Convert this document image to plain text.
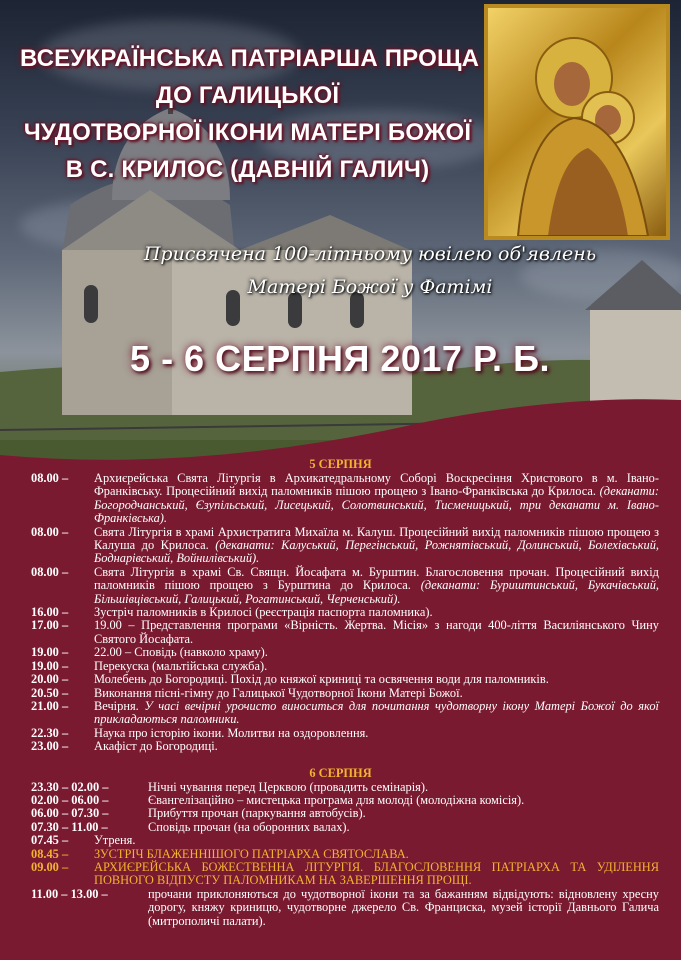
ВСЕУКРАЇНСЬКА ПАТРІАРША ПРОЩА
ДО ГАЛИЦЬКОЇ
ЧУДОТВОРНОЇ ІКОНИ МАТЕРІ БОЖОЇ
В С. КРИЛОС (ДАВНІЙ ГАЛИЧ)
Присвячена 100-літньому ювілею об'явлень
Матері Божої у Фатімі
5 - 6 СЕРПНЯ 2017 Р. Б.
5 СЕРПНЯ
08.00 – Архиєрейська Свята Літургія в Архикатедральному Соборі Воскресіння Христового в м. Івано-Франківську. Процесійний вихід паломників пішою прощею з Івано-Франківська до Крилоса. (деканати: Богородчанський, Єзупільський, Лисецький, Солотвинський, Тисменицький, три деканати м. Івано-Франківська).
08.00 – Свята Літургія в храмі Архистратига Михаїла м. Калуш. Процесійний вихід паломників пішою прощею з Калуша до Крилоса. (деканати: Калуський, Перегінський, Рожнятівський, Долинський, Болехівський, Боднарівський, Войнилівський).
08.00 – Свята Літургія в храмі Св. Свящн. Йосафата м. Бурштин. Благословення прочан. Процесійний вихід паломників пішою прощею з Бурштина до Крилоса. (деканати: Буриштинський, Букачівський, Більшівцівський, Галицький, Рогатинський, Черченський).
16.00 – Зустріч паломників в Крилосі (реєстрація паспорта паломника).
17.00 – 19.00 – Представлення програми «Вірність. Жертва. Місія» з нагоди 400-ліття Василіянського Чину Святого Йосафата.
19.00 – 22.00 – Сповідь (навколо храму).
19.00 – Перекуска (мальтійська служба).
20.00 – Молебень до Богородиці. Похід до княжої криниці та освячення води для паломників.
20.50 – Виконання пісні-гімну до Галицької Чудотворної Ікони Матері Божої.
21.00 – Вечірня. У часі вечірні урочисто виноситься для почитання чудотворну ікону Матері Божої до якої прикладаються паломники.
22.30 – Наука про історію ікони. Молитви на оздоровлення.
23.00 – Акафіст до Богородиці.
6 СЕРПНЯ
23.30 – 02.00 –	Нічні чування перед Церквою (провадить семінарія).
02.00 – 06.00 –	Євангелізаційно – мистецька програма для молоді (молодіжна комісія).
06.00 – 07.30 –	Прибуття прочан (паркування автобусів).
07.30 – 11.00 –	Сповідь прочан (на оборонних валах).
07.45 – Утреня.
08.45 – ЗУСТРІЧ БЛАЖЕННІШОГО ПАТРІАРХА СВЯТОСЛАВА.
09.00 – АРХИЄРЕЙСЬКА БОЖЕСТВЕННА ЛІТУРГІЯ. БЛАГОСЛОВЕННЯ ПАТРІАРХА ТА УДІЛЕННЯ ПОВНОГО ВІДПУСТУ ПАЛОМНИКАМ НА ЗАВЕРШЕННЯ ПРОЩІ.
11.00 – 13.00 –	прочани приклоняються до чудотворної ікони та за бажанням відвідують: відновлену хресну дорогу, княжу криницю, чудотворне джерело Св. Франциска, музей історії Давнього Галича (митрополичі палати).
